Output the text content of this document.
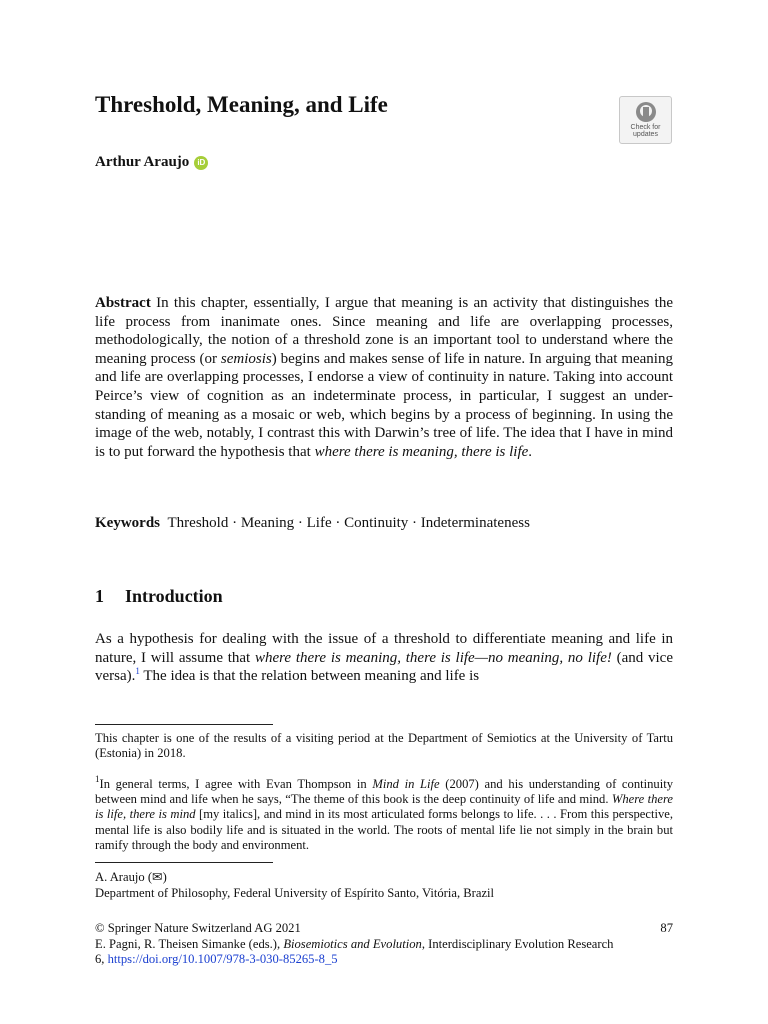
Threshold, Meaning, and Life
Check for updates
Arthur Araujo	iD
Abstract In this chapter, essentially, I argue that meaning is an activity that distinguishes the life process from inanimate ones. Since meaning and life are overlapping processes, methodologically, the notion of a threshold zone is an important tool to understand where the meaning process (or semiosis) begins and makes sense of life in nature. In arguing that meaning and life are overlapping processes, I endorse a view of continuity in nature. Taking into account Peirce’s view of cognition as an indeterminate process, in particular, I suggest an under-standing of meaning as a mosaic or web, which begins by a process of beginning. In using the image of the web, notably, I contrast this with Darwin’s tree of life. The idea that I have in mind is to put forward the hypothesis that where there is meaning, there is life.
Keywords Threshold · Meaning · Life · Continuity · Indeterminateness
1 Introduction
As a hypothesis for dealing with the issue of a threshold to differentiate meaning and life in nature, I will assume that where there is meaning, there is life—no meaning, no life! (and vice versa).$^1$ The idea is that the relation between meaning and life is
This chapter is one of the results of a visiting period at the Department of Semiotics at the University of Tartu (Estonia) in 2018.
$^1$In general terms, I agree with Evan Thompson in Mind in Life (2007) and his understanding of continuity between mind and life when he says, “The theme of this book is the deep continuity of life and mind. Where there is life, there is mind [my italics], and mind in its most articulated forms belongs to life. . . . From this perspective, mental life is also bodily life and is situated in the world. The roots of mental life lie not simply in the brain but ramify through the body and environment.
A. Araujo (✉)
Department of Philosophy, Federal University of Espírito Santo, Vitória, Brazil
© Springer Nature Switzerland AG 2021	87
E. Pagni, R. Theisen Simanke (eds.), Biosemiotics and Evolution, Interdisciplinary Evolution Research 6, https://doi.org/10.1007/978-3-030-85265-8_5
